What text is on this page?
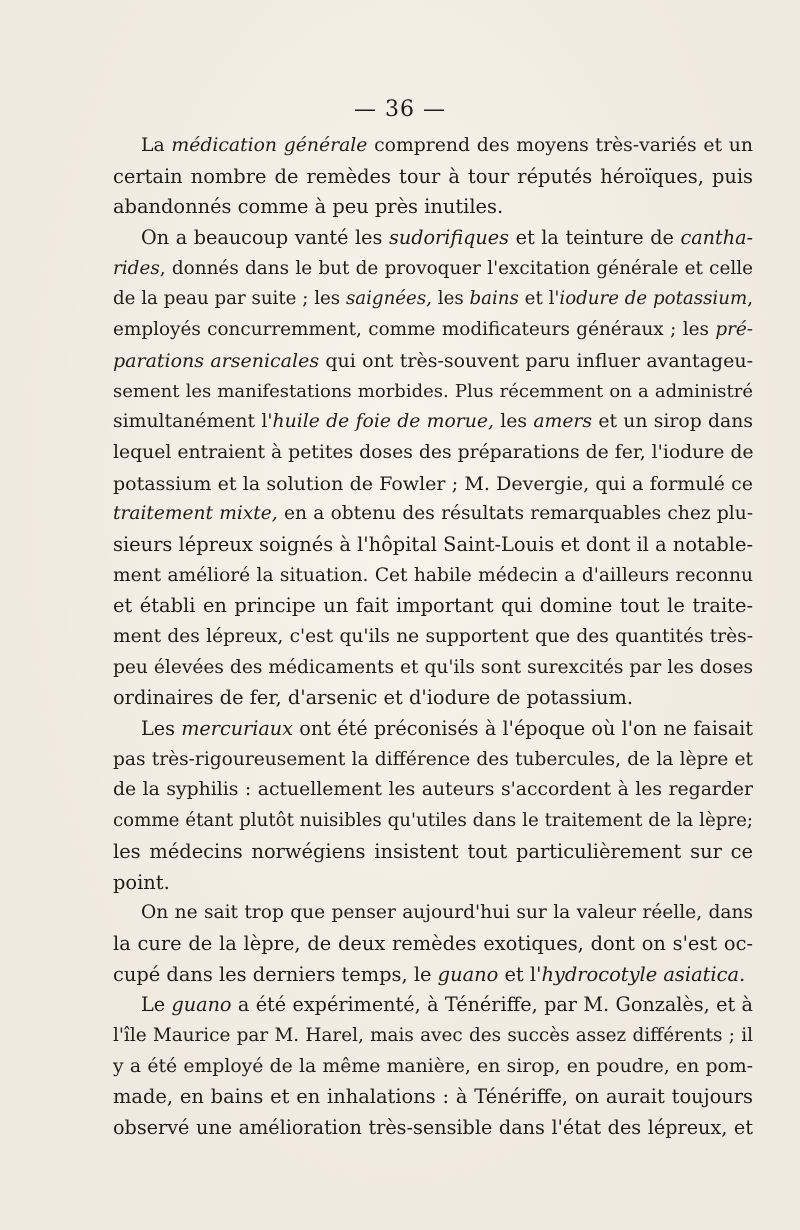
— 36 —
La médication générale comprend des moyens très-variés et un
certain nombre de remèdes tour à tour réputés héroïques, puis
abandonnés comme à peu près inutiles.
On a beaucoup vanté les sudorifiques et la teinture de cantha-
rides, donnés dans le but de provoquer l'excitation générale et celle
de la peau par suite ; les saignées, les bains et l'iodure de potassium,
employés concurremment, comme modificateurs généraux ; les pré-
parations arsenicales qui ont très-souvent paru influer avantageu-
sement les manifestations morbides. Plus récemment on a administré
simultanément l'huile de foie de morue, les amers et un sirop dans
lequel entraient à petites doses des préparations de fer, l'iodure de
potassium et la solution de Fowler ; M. Devergie, qui a formulé ce
traitement mixte, en a obtenu des résultats remarquables chez plu-
sieurs lépreux soignés à l'hôpital Saint-Louis et dont il a notable-
ment amélioré la situation. Cet habile médecin a d'ailleurs reconnu
et établi en principe un fait important qui domine tout le traite-
ment des lépreux, c'est qu'ils ne supportent que des quantités très-
peu élevées des médicaments et qu'ils sont surexcités par les doses
ordinaires de fer, d'arsenic et d'iodure de potassium.
Les mercuriaux ont été préconisés à l'époque où l'on ne faisait
pas très-rigoureusement la différence des tubercules, de la lèpre et
de la syphilis : actuellement les auteurs s'accordent à les regarder
comme étant plutôt nuisibles qu'utiles dans le traitement de la lèpre;
les médecins norwégiens insistent tout particulièrement sur ce
point.
On ne sait trop que penser aujourd'hui sur la valeur réelle, dans
la cure de la lèpre, de deux remèdes exotiques, dont on s'est oc-
cupé dans les derniers temps, le guano et l'hydrocotyle asiatica.
Le guano a été expérimenté, à Ténériffe, par M. Gonzalès, et à
l'île Maurice par M. Harel, mais avec des succès assez différents ; il
y a été employé de la même manière, en sirop, en poudre, en pom-
made, en bains et en inhalations : à Ténériffe, on aurait toujours
observé une amélioration très-sensible dans l'état des lépreux, et
